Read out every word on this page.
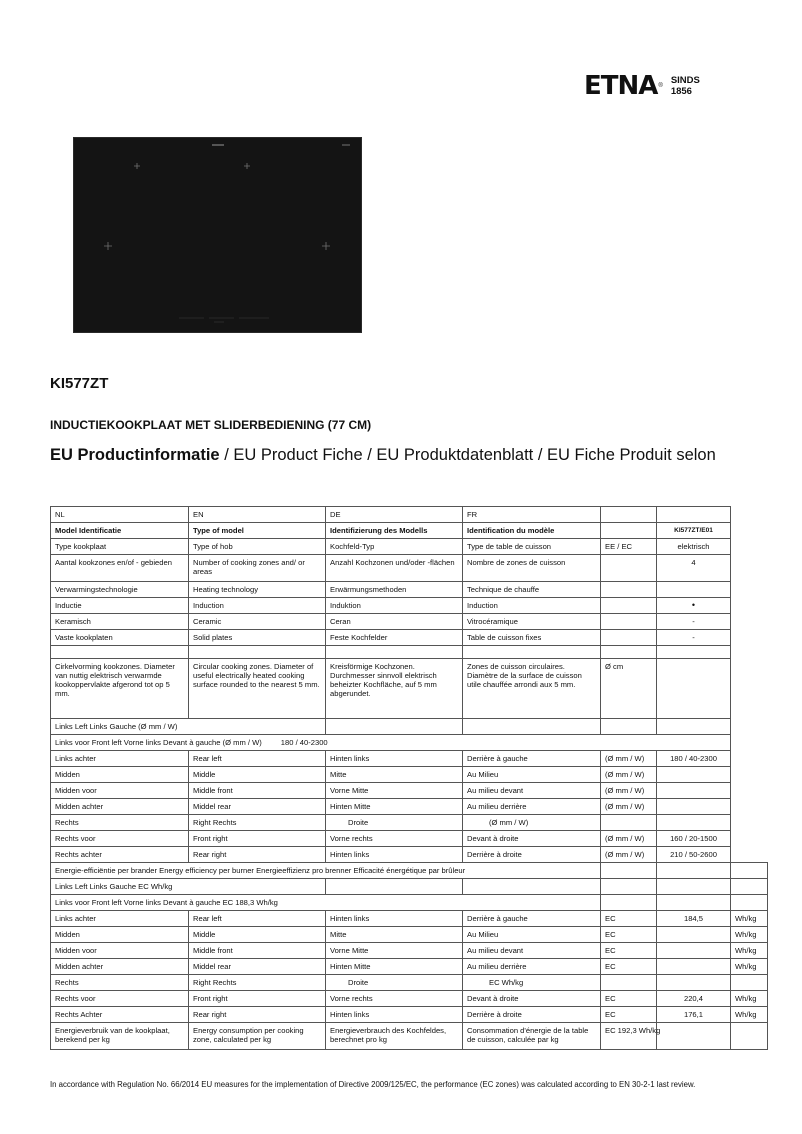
ETNA ® SINDS
1856
KI577ZT
INDUCTIEKOOKPLAAT MET SLIDERBEDIENING (77 CM)
EU Productinformatie / EU Product Fiche / EU Produktdatenblatt / EU Fiche Produit selon
NL	EN	DE	FR			
Model Identificatie	Type of model	Identifizierung des Modells	Identification du modèle		KI577ZT/E01	
Type kookplaat	Type of hob	Kochfeld-Typ	Type de table de cuisson	EE / EC	elektrisch	
Aantal kookzones en/of - gebieden	Number of cooking zones and/ or areas	Anzahl Kochzonen und/oder -flächen	Nombre de zones de cuisson		4	
Verwarmingstechnologie	Heating technology	Erwärmungsmethoden	Technique de chauffe			
Inductie	Induction	Induktion	Induction		•	
Keramisch	Ceramic	Ceran	Vitrocéramique		-	
Vaste kookplaten	Solid plates	Feste Kochfelder	Table de cuisson fixes		-	

Cirkelvorming kookzones. Diameter van nuttig elektrisch verwarmde kookoppervlakte afgerond tot op 5 mm.	Circular cooking zones. Diameter of useful electrically heated cooking surface rounded to the nearest 5 mm.	Kreisförmige Kochzonen. Durchmesser sinnvoll elektrisch beheizter Kochfläche, auf 5 mm abgerundet.	Zones de cuisson circulaires. Diamètre de la surface de cuisson utile chauffée arrondi aux 5 mm.	Ø cm		
Links Left Links Gauche (Ø mm / W)						
Links voor Front left Vorne links Devant à gauche (Ø mm / W)         180 / 40-2300						
Links achter	Rear left	Hinten links	Derrière à gauche	(Ø mm / W)	180 / 40-2300	
Midden	Middle	Mitte	Au Milieu	(Ø mm / W)		
Midden voor	Middle front	Vorne Mitte	Au milieu devant	(Ø mm / W)		
Midden achter	Middel rear	Hinten Mitte	Au milieu derrière	(Ø mm / W)		
Rechts	Right Rechts	Droite	(Ø mm / W)			
Rechts voor	Front right	Vorne rechts	Devant à droite	(Ø mm / W)	160 / 20-1500	
Rechts achter	Rear right	Hinten links	Derrière à droite	(Ø mm / W)	210 / 50-2600	
Energie-efficiëntie per brander Energy efficiency per burner Energieeffizienz pro brenner Efficacité énergétique par brûleur						
Links Left Links Gauche EC Wh/kg						
Links voor Front left Vorne links Devant à gauche EC 188,3 Wh/kg						
Links achter	Rear left	Hinten links	Derrière à gauche	EC	184,5	Wh/kg
Midden	Middle	Mitte	Au Milieu	EC		Wh/kg
Midden voor	Middle front	Vorne Mitte	Au milieu devant	EC		Wh/kg
Midden achter	Middel rear	Hinten Mitte	Au milieu derrière	EC		Wh/kg
Rechts	Right Rechts	Droite	EC Wh/kg			
Rechts voor	Front right	Vorne rechts	Devant à droite	EC	220,4	Wh/kg
Rechts Achter	Rear right	Hinten links	Derrière à droite	EC	176,1	Wh/kg
Energieverbruik van de kookplaat, berekend per kg	Energy consumption per cooking zone, calculated per kg	Energieverbrauch des Kochfeldes, berechnet pro kg	Consommation d'énergie de la table de cuisson, calculée par kg	EC 192,3 Wh/kg		
In accordance with Regulation No. 66/2014 EU measures for the implementation of Directive 2009/125/EC, the performance (EC zones) was calculated according to EN 30-2-1 last review.
